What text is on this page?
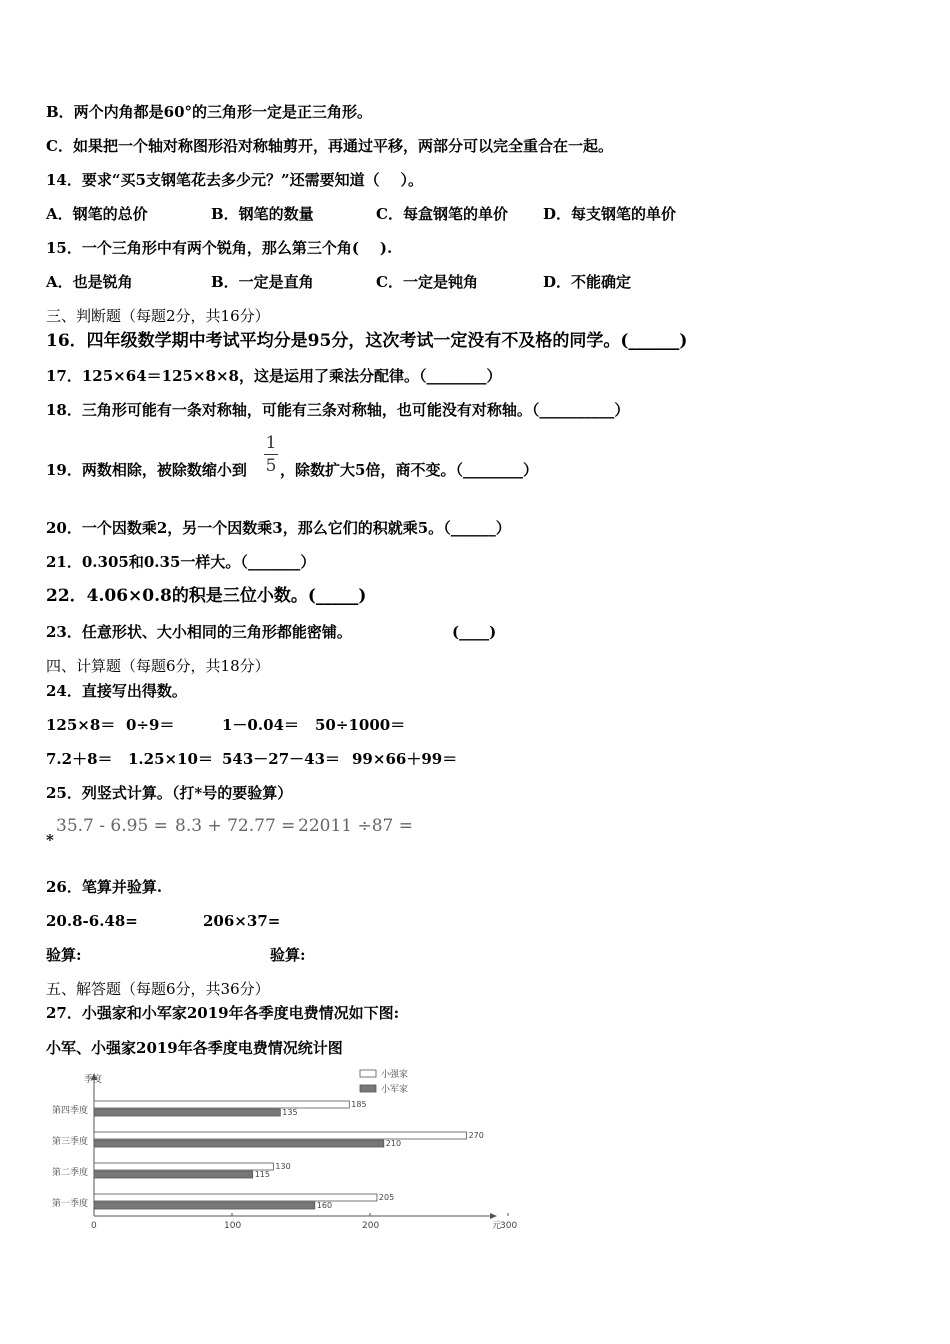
B．两个内角都是60°的三角形一定是正三角形。
C．如果把一个轴对称图形沿对称轴剪开，再通过平移，两部分可以完全重合在一起。
14．要求“买5支钢笔花去多少元？”还需要知道（    ）。
A．钢笔的总价	B．钢笔的数量	C．每盒钢笔的单价 D．每支钢笔的单价
15．一个三角形中有两个锐角，那么第三个角(    ).
A．也是锐角	B．一定是直角	C．一定是钝角	D．不能确定
三、判断题（每题2分，共16分）
16．四年级数学期中考试平均分是95分，这次考试一定没有不及格的同学。(______)
17．125×64＝125×8×8，这是运用了乘法分配律。（________）
18．三角形可能有一条对称轴，可能有三条对称轴，也可能没有对称轴。（__________）
19．两数相除，被除数缩小到
1
5 ，除数扩大5倍，商不变。（________）
20．一个因数乘2，另一个因数乘3，那么它们的积就乘5。（______）
21．0.305和0.35一样大。（_______）
22．4.06×0.8的积是三位小数。(_____)
23．任意形状、大小相同的三角形都能密铺。	(____)
四、计算题（每题6分，共18分）
24．直接写出得数。
125×8＝ 0÷9＝	1－0.04＝ 50÷1000＝
7.2＋8＝ 1.25×10＝ 543－27－43＝ 99×66＋99＝
25．列竖式计算。（打*号的要验算）
*
35.7 - 6.95 = 8.3 + 72.77 = 22011 ÷87 =
26．笔算并验算.
20.8-6.48=	206×37=
验算:	验算:
五、解答题（每题6分，共36分）
27．小强家和小军家2019年各季度电费情况如下图:
小军、小强家2019年各季度电费情况统计图
季度
元
0	100	200	300
第四季度
185
135
第三季度
270
210
第二季度
130
115
第一季度
205
160
小强家
小军家
